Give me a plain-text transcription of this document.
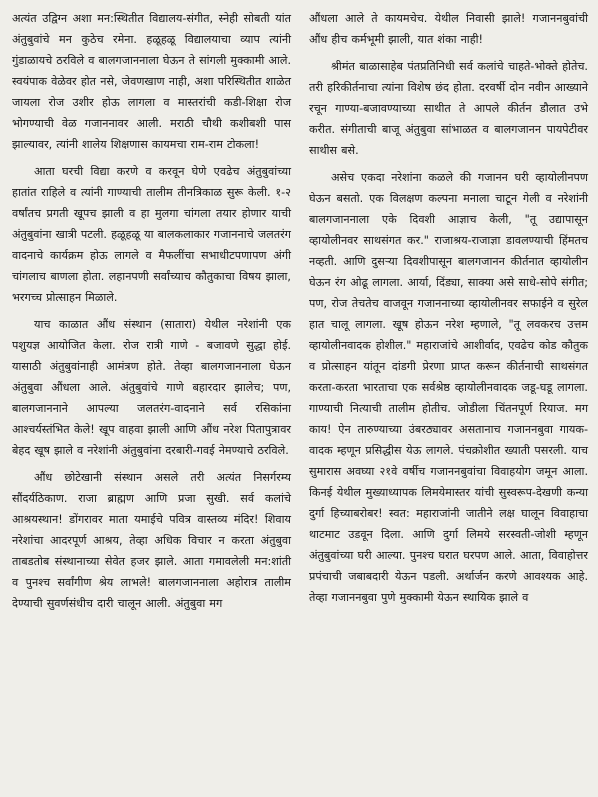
अत्यंत उद्विग्न अशा मन:स्थितीत विद्यालय-संगीत, स्नेही सोबती यांत अंतुबुवांचे मन कुठेच रमेना. हळूहळू विद्यालयाचा व्याप त्यांनी गुंडाळायचे ठरविले व बालगजाननाला घेऊन ते सांगली मुक्कामी आले. स्वयंपाक वेळेवर होत नसे, जेवणखाण नाही, अशा परिस्थितीत शाळेत जायला रोज उशीर होऊ लागला व मास्तरांची कडी-शिक्षा रोज भोगण्याची वेळ गजाननावर आली. मराठी चौथी कशीबशी पास झाल्यावर, त्यांनी शालेय शिक्षणास कायमचा राम-राम टोकला!

आता घरची विद्या करणे व करवून घेणे एवढेच अंतुबुवांच्या हातांत राहिले व त्यांनी गाण्याची तालीम तीनत्रिकाळ सुरू केली. १-२ वर्षांतच प्रगती खूपच झाली व हा मुलगा चांगला तयार होणार याची अंतुबुवांना खात्री पटली. हळूहळू या बालकलाकार गजाननाचे जलतरंग वादनाचे कार्यक्रम होऊ लागले व मैफलींचा सभाधीटपणापण अंगी चांगलाच बाणला होता. लहानपणी सर्वांच्याच कौतुकाचा विषय झाला, भरगच्च प्रोत्साहन मिळाले.

याच काळात औंध संस्थान (सातारा) येथील नरेशांनी एक पशुयज्ञ आयोजित केला. रोज रात्री गाणे - बजावणे सुद्धा होई. यासाठी अंतुबुवांनाही आमंत्रण होते. तेव्हा बालगजाननाला घेऊन अंतुबुवा औंधला आले. अंतुबुवांचे गाणे बहारदार झालेच; पण, बालगजाननाने आपल्या जलतरंग-वादनाने सर्व रसिकांना आश्चर्यस्तंभित केले! खूप वाहवा झाली आणि औंध नरेश पितापुत्रावर बेहद खूष झाले व नरेशांनी अंतुबुवांना दरबारी-गवई नेमण्याचे ठरविले.

औंध छोटेखानी संस्थान असले तरी अत्यंत निसर्गरम्य सौंदर्यठिकाण. राजा ब्राह्मण आणि प्रजा सुखी. सर्व कलांचे आश्रयस्थान! डोंगरावर माता यमाईचे पवित्र वास्तव्य मंदिर! शिवाय नरेशांचा आदरपूर्ण आश्रय, तेव्हा अधिक विचार न करता अंतुबुवा ताबडतोब संस्थानाच्या सेवेत हजर झाले. आता गमावलेली मन:शांती व पुनश्च सर्वांगीण श्रेय लाभले! बालगजाननाला अहोरात्र तालीम देण्याची सुवर्णसंधीच दारी चालून आली. अंतुबुवा मग

औंधला आले ते कायमचेच. येथील निवासी झाले! गजाननबुवांची औंध हीच कर्मभूमी झाली, यात शंका नाही!

श्रीमंत बाळासाहेब पंतप्रतिनिधी सर्व कलांचे चाहते-भोक्ते होतेच. तरी हरिकीर्तनाचा त्यांना विशेष छंद होता. दरवर्षी दोन नवीन आख्याने रचून गाण्या-बजावण्याच्या साथीत ते आपले कीर्तन डौलात उभे करीत. संगीताची बाजू अंतुबुवा सांभाळत व बालगजानन पायपेटीवर साथीस बसे.

असेच एकदा नरेशांना कळले की गजानन घरी व्हायोलीनपण घेऊन बसतो. एक विलक्षण कल्पना मनाला चाटून गेली व नरेशांनी बालगजाननाला एके दिवशी आज्ञाच केली, "तू उद्यापासून व्हायोलीनवर साथसंगत कर." राजाश्रय-राजाज्ञा डावलण्याची हिंमतच नव्हती. आणि दुसऱ्या दिवशीपासून बालगजानन कीर्तनात व्हायोलीन घेऊन रंग ओढू लागला. आर्या, दिंड्या, साक्या असे साधे-सोपे संगीत; पण, रोज तेचतेच वाजवून गजाननाच्या व्हायोलीनवर सफाईने व सुरेल हात चालू लागला. खूष होऊन नरेश म्हणाले, "तू लवकरच उत्तम व्हायोलीनवादक होशील." महाराजांचे आशीर्वाद, एवढेच कोड कौतुक व प्रोत्साहन यांतून दांडगी प्रेरणा प्राप्त करून कीर्तनाची साथसंगत करता-करता भारताचा एक सर्वश्रेष्ठ व्हायोलीनवादक जडू-घडू लागला. गाण्याची नित्याची तालीम होतीच. जोडीला चिंतनपूर्ण रियाज. मग काय! ऐन तारुण्याच्या उंबरठ्यावर असतानाच गजाननबुवा गायक-वादक म्हणून प्रसिद्धीस येऊ लागले. पंचक्रोशीत ख्याती पसरली. याच सुमारास अवघ्या २१वे वर्षीच गजाननबुवांचा विवाहयोग जमून आला. किनई येथील मुख्याध्यापक लिमयेमास्तर यांची सुस्वरूप-देखणी कन्या दुर्गा हिच्याबरोबर! स्वत: महाराजांनी जातीने लक्ष घालून विवाहाचा थाटमाट उडवून दिला. आणि दुर्गा लिमये सरस्वती-जोशी म्हणून अंतुबुवांच्या घरी आल्या. पुनश्च घरात घरपण आले. आता, विवाहोत्तर प्रपंचाची जबाबदारी येऊन पडली. अर्थार्जन करणे आवश्यक आहे. तेव्हा गजाननबुवा पुणे मुक्कामी येऊन स्थायिक झाले व
